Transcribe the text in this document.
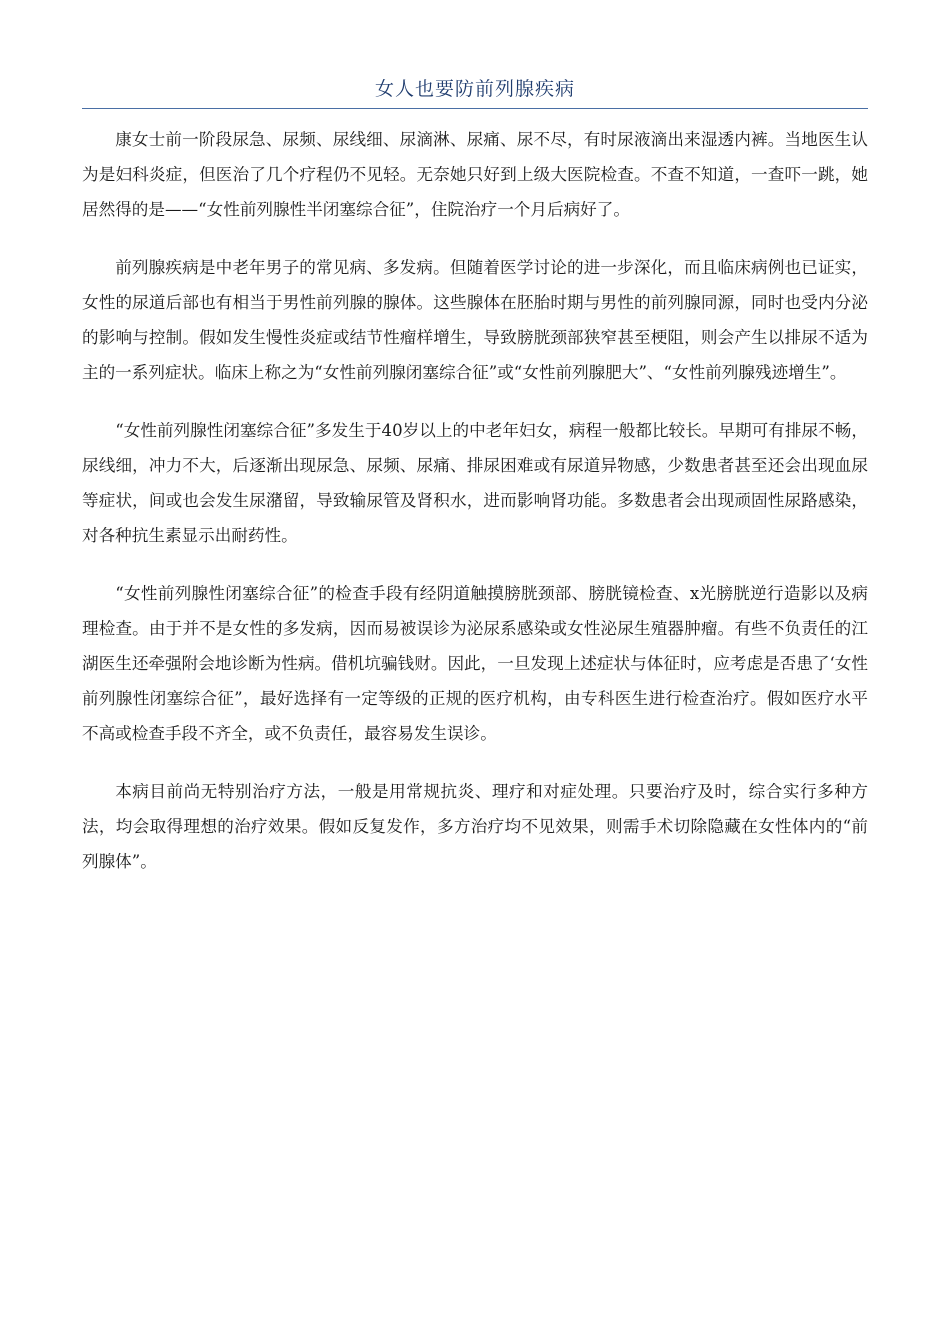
女人也要防前列腺疾病

康女士前一阶段尿急、尿频、尿线细、尿滴淋、尿痛、尿不尽，有时尿液滴出来湿透内裤。当地医生认为是妇科炎症，但医治了几个疗程仍不见轻。无奈她只好到上级大医院检查。不查不知道，一查吓一跳，她居然得的是——“女性前列腺性半闭塞综合征”，住院治疗一个月后病好了。

前列腺疾病是中老年男子的常见病、多发病。但随着医学讨论的进一步深化，而且临床病例也已证实，女性的尿道后部也有相当于男性前列腺的腺体。这些腺体在胚胎时期与男性的前列腺同源，同时也受内分泌的影响与控制。假如发生慢性炎症或结节性瘤样增生，导致膀胱颈部狭窄甚至梗阻，则会产生以排尿不适为主的一系列症状。临床上称之为“女性前列腺闭塞综合征”或“女性前列腺肥大”、“女性前列腺残迹增生”。

“女性前列腺性闭塞综合征”多发生于40岁以上的中老年妇女，病程一般都比较长。早期可有排尿不畅，尿线细，冲力不大，后逐渐出现尿急、尿频、尿痛、排尿困难或有尿道异物感，少数患者甚至还会出现血尿等症状，间或也会发生尿潴留，导致输尿管及肾积水，进而影响肾功能。多数患者会出现顽固性尿路感染，对各种抗生素显示出耐药性。

“女性前列腺性闭塞综合征”的检查手段有经阴道触摸膀胱颈部、膀胱镜检查、x光膀胱逆行造影以及病理检查。由于并不是女性的多发病，因而易被误诊为泌尿系感染或女性泌尿生殖器肿瘤。有些不负责任的江湖医生还牵强附会地诊断为性病。借机坑骗钱财。因此，一旦发现上述症状与体征时，应考虑是否患了‘女性前列腺性闭塞综合征”，最好选择有一定等级的正规的医疗机构，由专科医生进行检查治疗。假如医疗水平不高或检查手段不齐全，或不负责任，最容易发生误诊。

本病目前尚无特别治疗方法，一般是用常规抗炎、理疗和对症处理。只要治疗及时，综合实行多种方法，均会取得理想的治疗效果。假如反复发作，多方治疗均不见效果，则需手术切除隐藏在女性体内的“前列腺体”。
